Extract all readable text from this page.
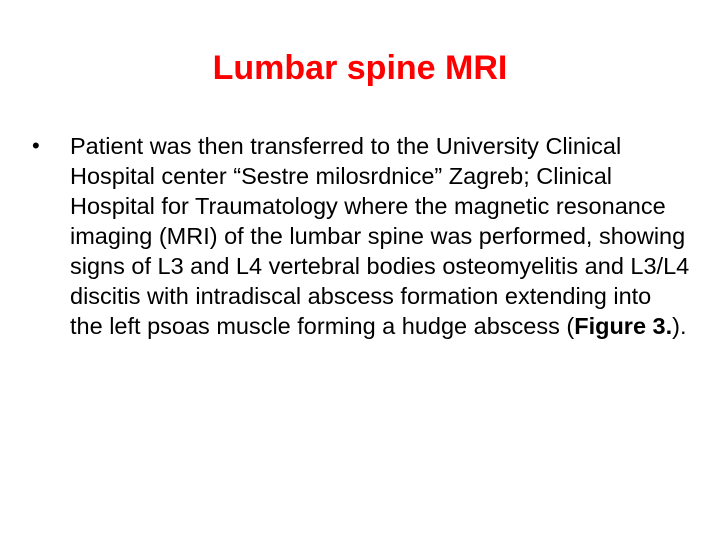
Lumbar spine MRI
•	Patient was then transferred to the University Clinical Hospital center “Sestre milosrdnice” Zagreb; Clinical Hospital for Traumatology where the magnetic resonance imaging (MRI) of the lumbar spine was performed, showing signs of L3 and L4 vertebral bodies osteomyelitis and L3/L4 discitis with intradiscal abscess formation extending into the left psoas muscle forming a hudge abscess (Figure 3.).
